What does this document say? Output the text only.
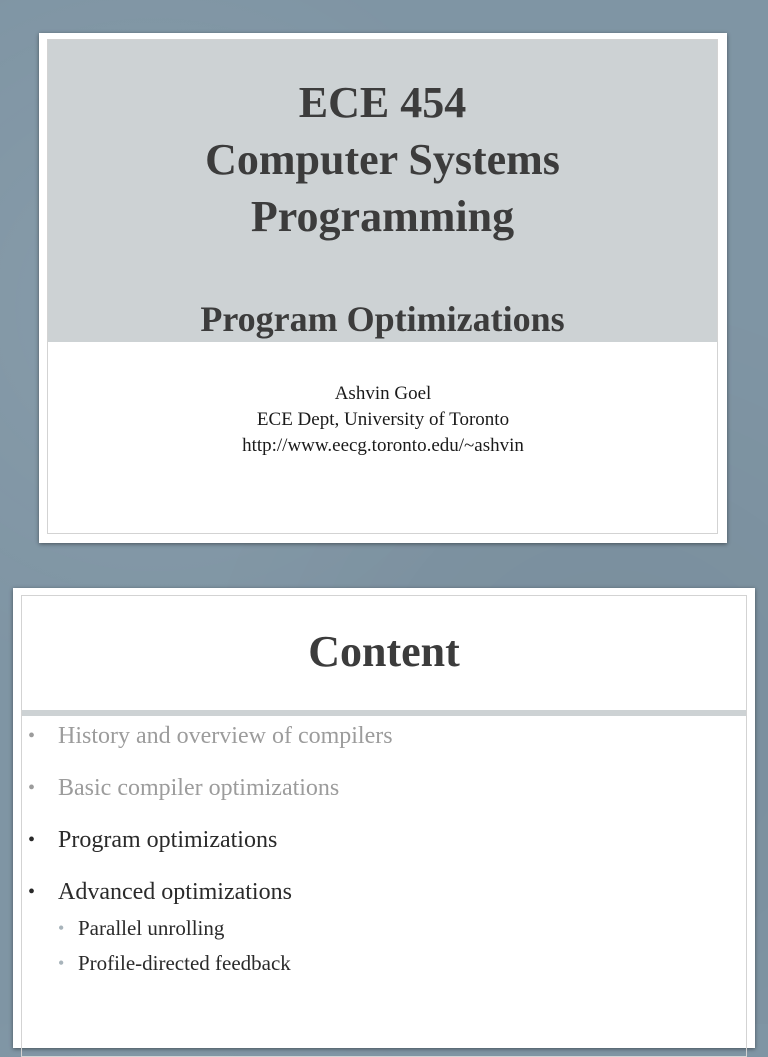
ECE 454
Computer Systems
Programming
Program Optimizations
Ashvin Goel
ECE Dept, University of Toronto
http://www.eecg.toronto.edu/~ashvin
Content
• History and overview of compilers
• Basic compiler optimizations
• Program optimizations
• Advanced optimizations
• Parallel unrolling
• Profile-directed feedback
